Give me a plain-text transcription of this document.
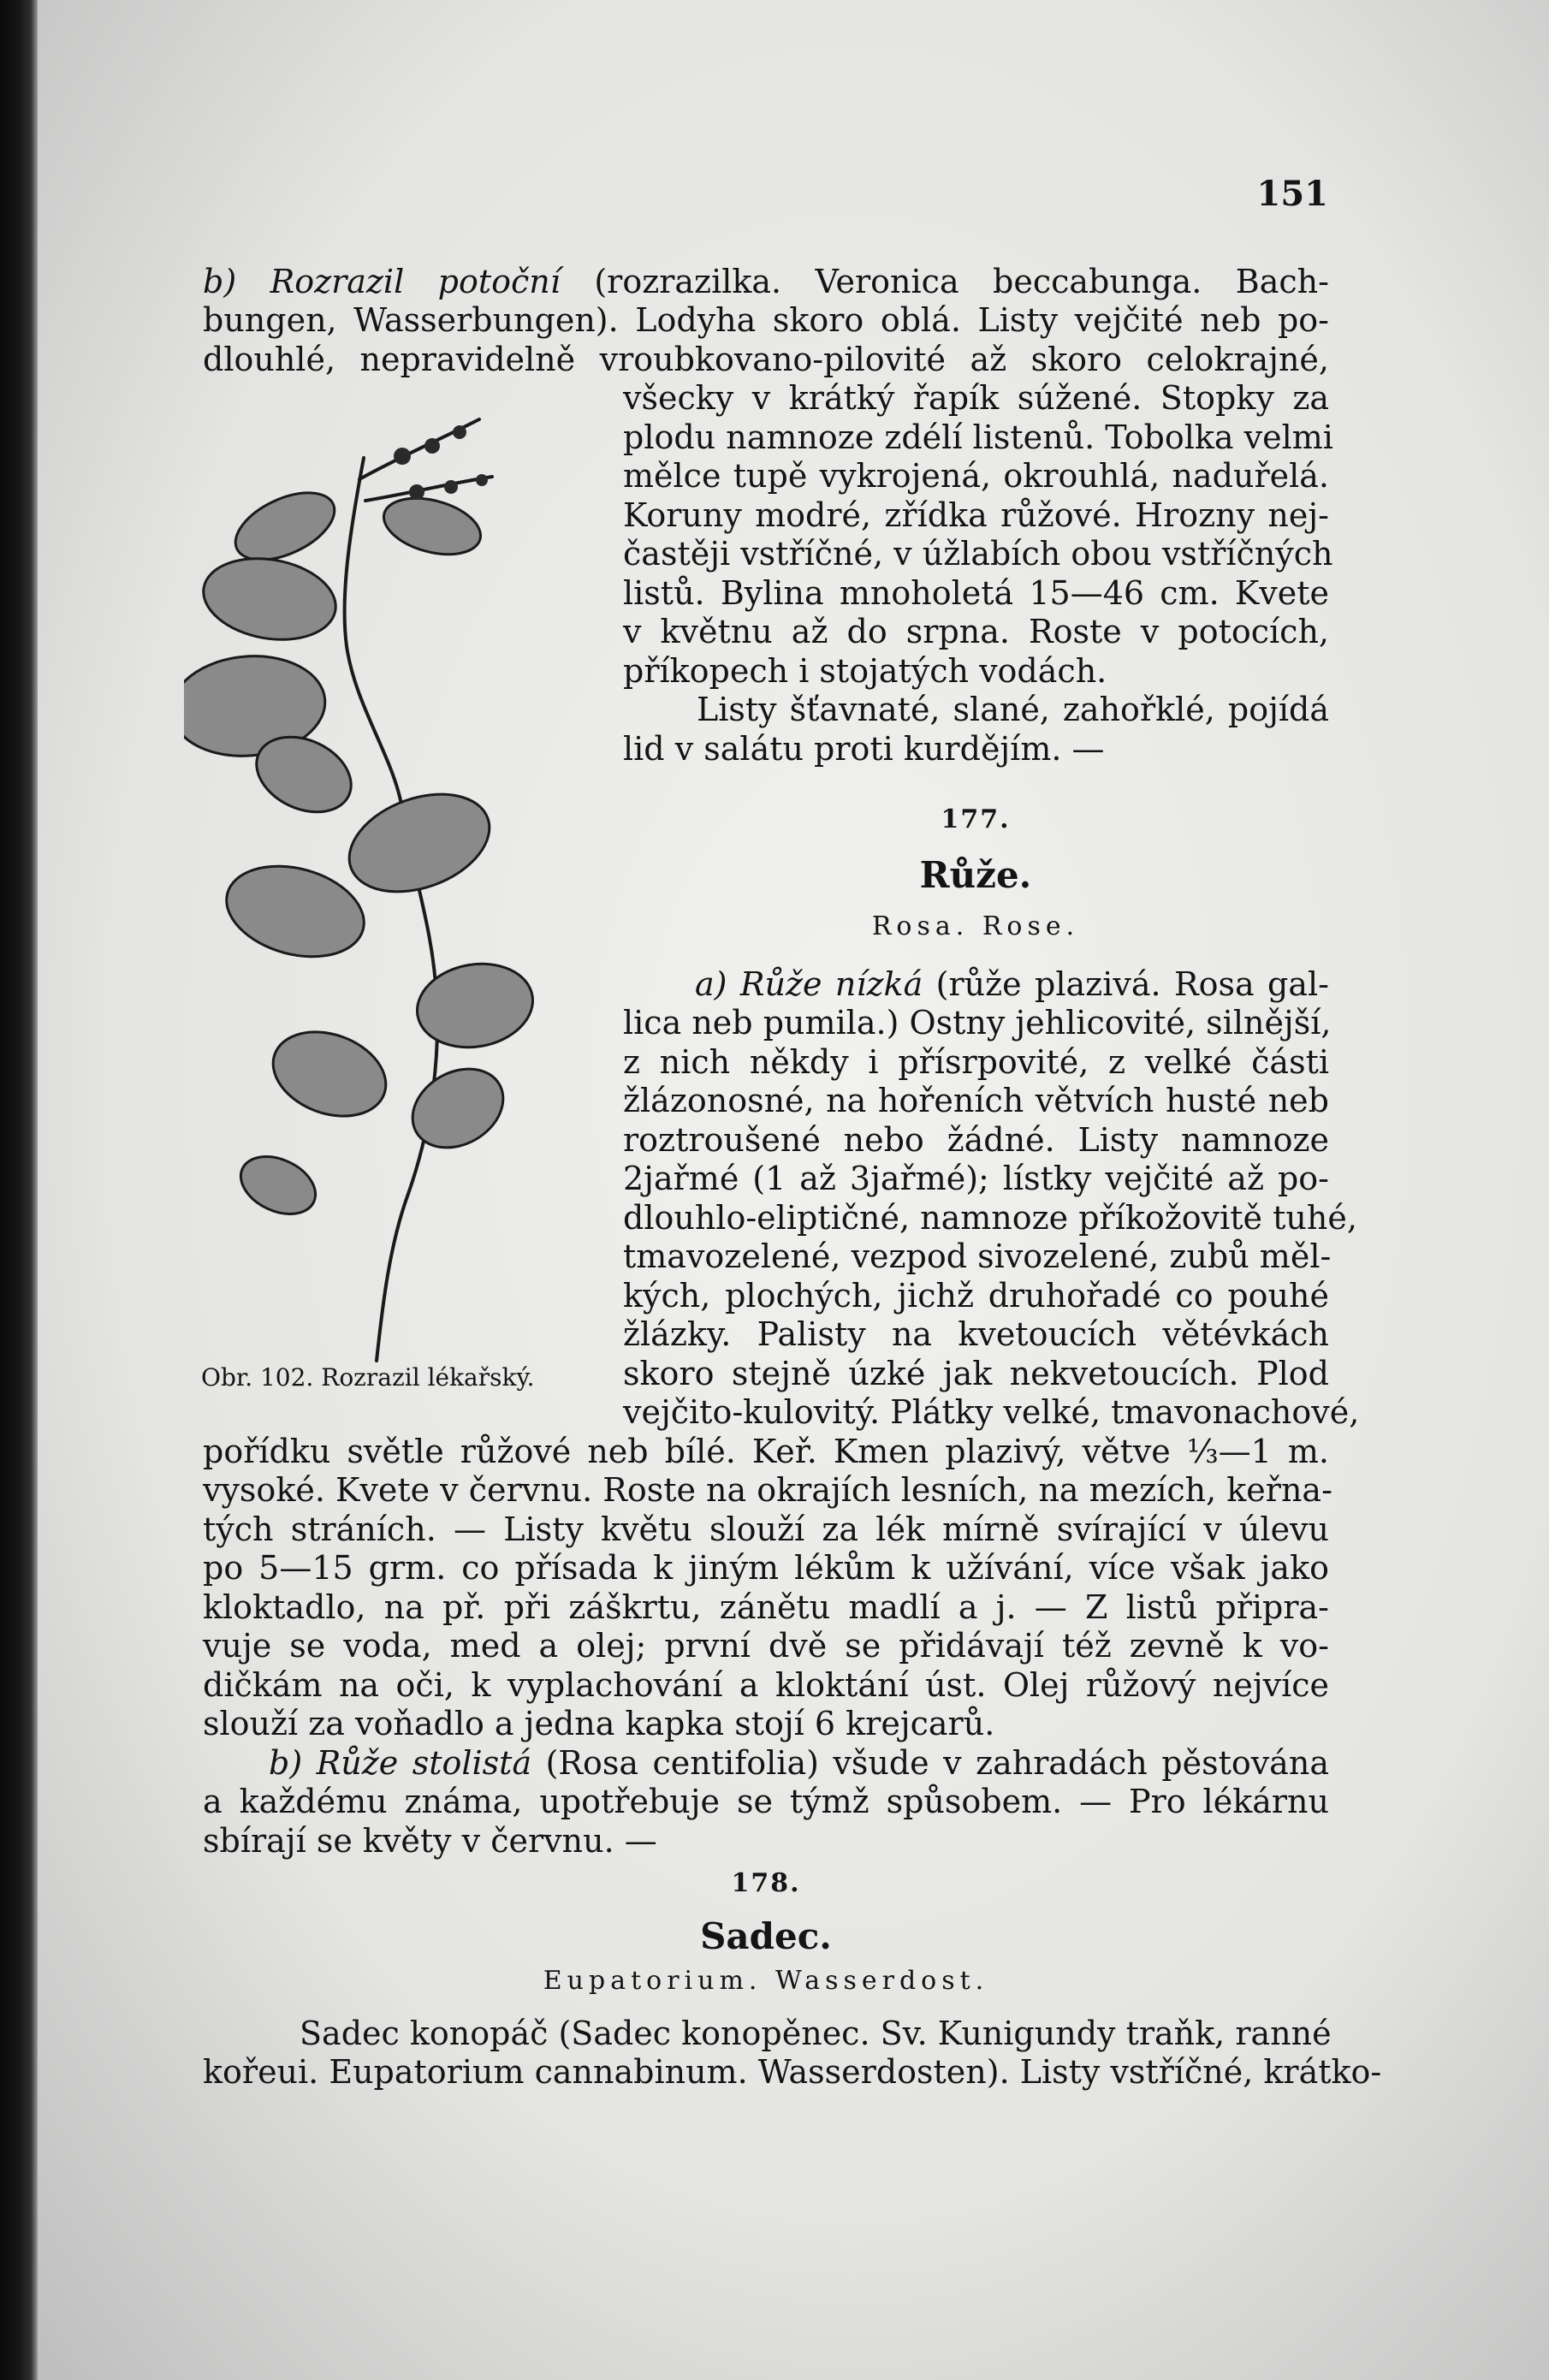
151
b) Rozrazil potoční (rozrazilka. Veronica beccabunga. Bach-
bungen, Wasserbungen). Lodyha skoro oblá. Listy vejčité neb po-
dlouhlé, nepravidelně vroubkovano-pilovité až skoro celokrajné,
všecky v krátký řapík súžené. Stopky za
plodu namnoze zdélí listenů. Tobolka velmi
mělce tupě vykrojená, okrouhlá, naduřelá.
Koruny modré, zřídka růžové. Hrozny nej-
častěji vstříčné, v úžlabích obou vstříčných
listů. Bylina mnoholetá 15—46 cm. Kvete
v květnu až do srpna. Roste v potocích,
příkopech i stojatých vodách.
Listy šťavnaté, slané, zahořklé, pojídá
lid v salátu proti kurdějím. —
177.
Růže.
Rosa. Rose.
a) Růže nízká (růže plazivá. Rosa gal-
lica neb pumila.) Ostny jehlicovité, silnější,
z nich někdy i přísrpovité, z velké části
žlázonosné, na hořeních větvích husté neb
roztroušené nebo žádné. Listy namnoze
2jařmé (1 až 3jařmé); lístky vejčité až po-
dlouhlo-eliptičné, namnoze příkožovitě tuhé,
tmavozelené, vezpod sivozelené, zubů měl-
kých, plochých, jichž druhořadé co pouhé
žlázky. Palisty na kvetoucích větévkách
skoro stejně úzké jak nekvetoucích. Plod
vejčito-kulovitý. Plátky velké, tmavonachové,
pořídku světle růžové neb bílé. Keř. Kmen plazivý, větve ⅓—1 m.
vysoké. Kvete v červnu. Roste na okrajích lesních, na mezích, keřna-
tých stráních. — Listy květu slouží za lék mírně svírající v úlevu
po 5—15 grm. co přísada k jiným lékům k užívání, více však jako
kloktadlo, na př. při záškrtu, zánětu madlí a j. — Z listů připra-
vuje se voda, med a olej; první dvě se přidávají též zevně k vo-
dičkám na oči, k vyplachování a kloktání úst. Olej růžový nejvíce
slouží za voňadlo a jedna kapka stojí 6 krejcarů.
b) Růže stolistá (Rosa centifolia) všude v zahradách pěstována
a každému známa, upotřebuje se týmž spůsobem. — Pro lékárnu
sbírají se květy v červnu. —
178.
Sadec.
Eupatorium. Wasserdost.
Sadec konopáč (Sadec konopěnec. Sv. Kunigundy traňk, ranné
kořeui. Eupatorium cannabinum. Wasserdosten). Listy vstříčné, krátko-
Obr. 102. Rozrazil lékařský.
